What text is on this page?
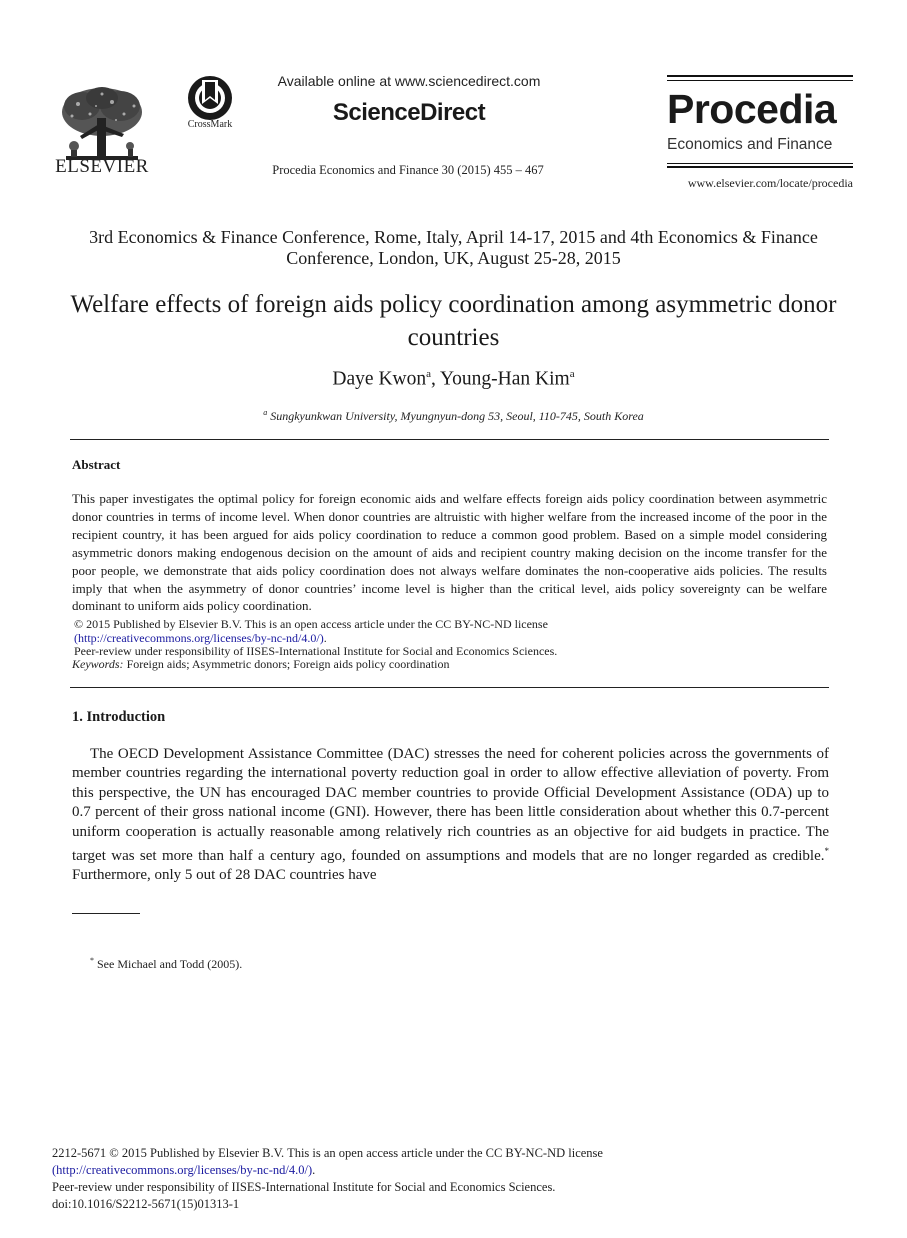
ELSEVIER
CrossMark
Available online at www.sciencedirect.com
ScienceDirect
Procedia Economics and Finance 30 (2015) 455 – 467
Procedia
Economics and Finance
www.elsevier.com/locate/procedia
3rd Economics & Finance Conference, Rome, Italy, April 14-17, 2015 and 4th Economics & Finance Conference, London, UK, August 25-28, 2015
Welfare effects of foreign aids policy coordination among asymmetric donor countries
Daye Kwon$^a$, Young-Han Kim$^a$
$^a$ Sungkyunkwan University, Myungnyun-dong 53, Seoul, 110-745, South Korea
Abstract
This paper investigates the optimal policy for foreign economic aids and welfare effects foreign aids policy coordination between asymmetric donor countries in terms of income level. When donor countries are altruistic with higher welfare from the increased income of the poor in the recipient country, it has been argued for aids policy coordination to reduce a common good problem. Based on a simple model considering asymmetric donors making endogenous decision on the amount of aids and recipient country making decision on the income transfer for the poor people, we demonstrate that aids policy coordination does not always welfare dominates the non-cooperative aids policies. The results imply that when the asymmetry of donor countries’ income level is higher than the critical level, aids policy sovereignty can be welfare dominant to uniform aids policy coordination.
© 2015 Published by Elsevier B.V. This is an open access article under the CC BY-NC-ND license
(http://creativecommons.org/licenses/by-nc-nd/4.0/).
Peer-review under responsibility of IISES-International Institute for Social and Economics Sciences.
Keywords: Foreign aids; Asymmetric donors; Foreign aids policy coordination
1. Introduction
The OECD Development Assistance Committee (DAC) stresses the need for coherent policies across the governments of member countries regarding the international poverty reduction goal in order to allow effective alleviation of poverty. From this perspective, the UN has encouraged DAC member countries to provide Official Development Assistance (ODA) up to 0.7 percent of their gross national income (GNI). However, there has been little consideration about whether this 0.7-percent uniform cooperation is actually reasonable among relatively rich countries as an objective for aid budgets in practice. The target was set more than half a century ago, founded on assumptions and models that are no longer regarded as credible.* Furthermore, only 5 out of 28 DAC countries have
* See Michael and Todd (2005).
2212-5671 © 2015 Published by Elsevier B.V. This is an open access article under the CC BY-NC-ND license
(http://creativecommons.org/licenses/by-nc-nd/4.0/).
Peer-review under responsibility of IISES-International Institute for Social and Economics Sciences.
doi:10.1016/S2212-5671(15)01313-1
